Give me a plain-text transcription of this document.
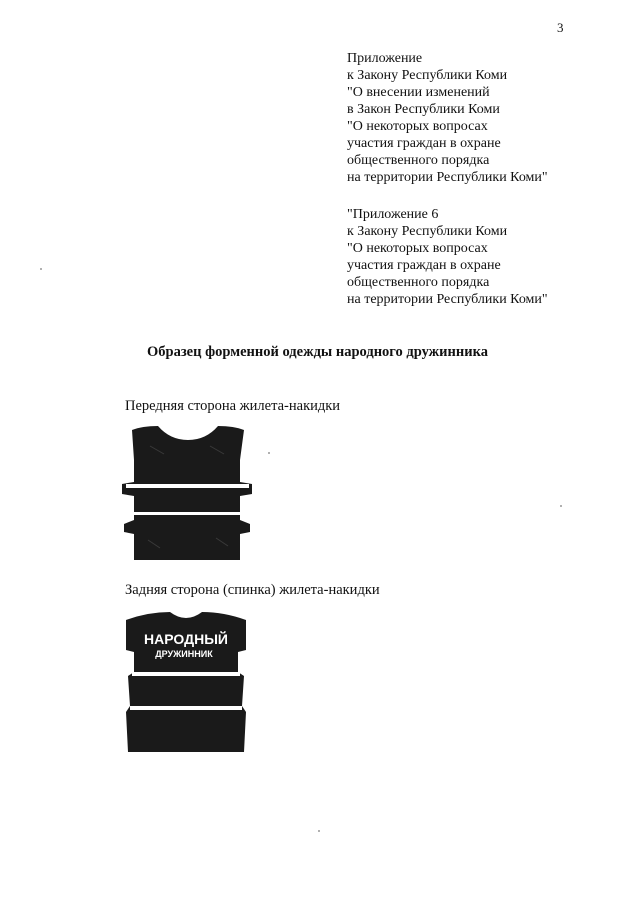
3
Приложение
к Закону Республики Коми
"О внесении изменений
в Закон Республики Коми
"О некоторых вопросах
участия граждан в охране
общественного порядка
на территории Республики Коми"
"Приложение 6
к Закону Республики Коми
"О некоторых вопросах
участия граждан в охране
общественного порядка
на территории Республики Коми"
Образец форменной одежды народного дружинника
Передняя сторона жилета-накидки
Задняя сторона (спинка) жилета-накидки
НАРОДНЫЙ
ДРУЖИННИК
